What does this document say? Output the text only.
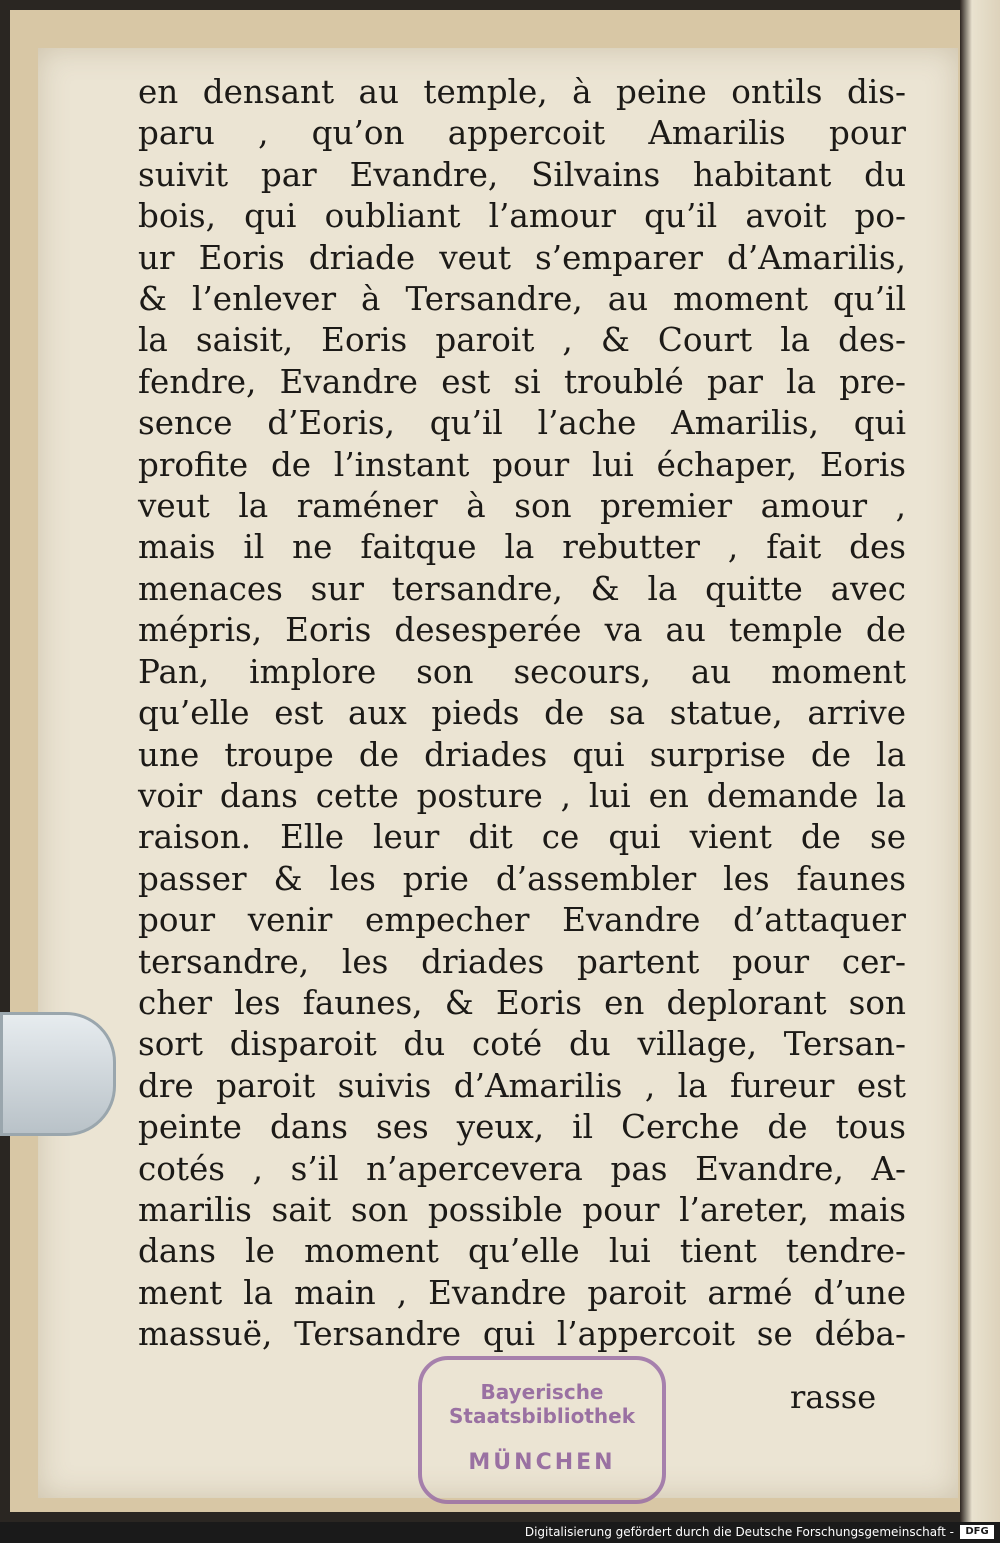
en densant au temple, à peine ontils dis-
paru , qu’on appercoit Amarilis pour
suivit par Evandre, Silvains habitant du
bois, qui oubliant l’amour qu’il avoit po-
ur Eoris driade veut s’emparer d’Amarilis,
& l’enlever à Tersandre, au moment qu’il
la saisit, Eoris paroit , & Court la des-
fendre, Evandre est si troublé par la pre-
sence d’Eoris, qu’il l’ache Amarilis, qui
profite de l’instant pour lui échaper, Eoris
veut la raméner à son premier amour ,
mais il ne faitque la rebutter , fait des
menaces sur tersandre, & la quitte avec
mépris, Eoris desesperée va au temple de
Pan, implore son secours, au moment
qu’elle est aux pieds de sa statue, arrive
une troupe de driades qui surprise de la
voir dans cette posture , lui en demande la
raison. Elle leur dit ce qui vient de se
passer & les prie d’assembler les faunes
pour venir empecher Evandre d’attaquer
tersandre, les driades partent pour cer-
cher les faunes, & Eoris en deplorant son
sort disparoit du coté du village, Tersan-
dre paroit suivis d’Amarilis , la fureur est
peinte dans ses yeux, il Cerche de tous
cotés , s’il n’apercevera pas Evandre, A-
marilis sait son possible pour l’areter, mais
dans le moment qu’elle lui tient tendre-
ment la main , Evandre paroit armé d’une
massuë, Tersandre qui l’appercoit se déba-
rasse
Bayerische
Staatsbibliothek
MÜNCHEN
Digitalisierung gefördert durch die Deutsche Forschungsgemeinschaft -	DFG
